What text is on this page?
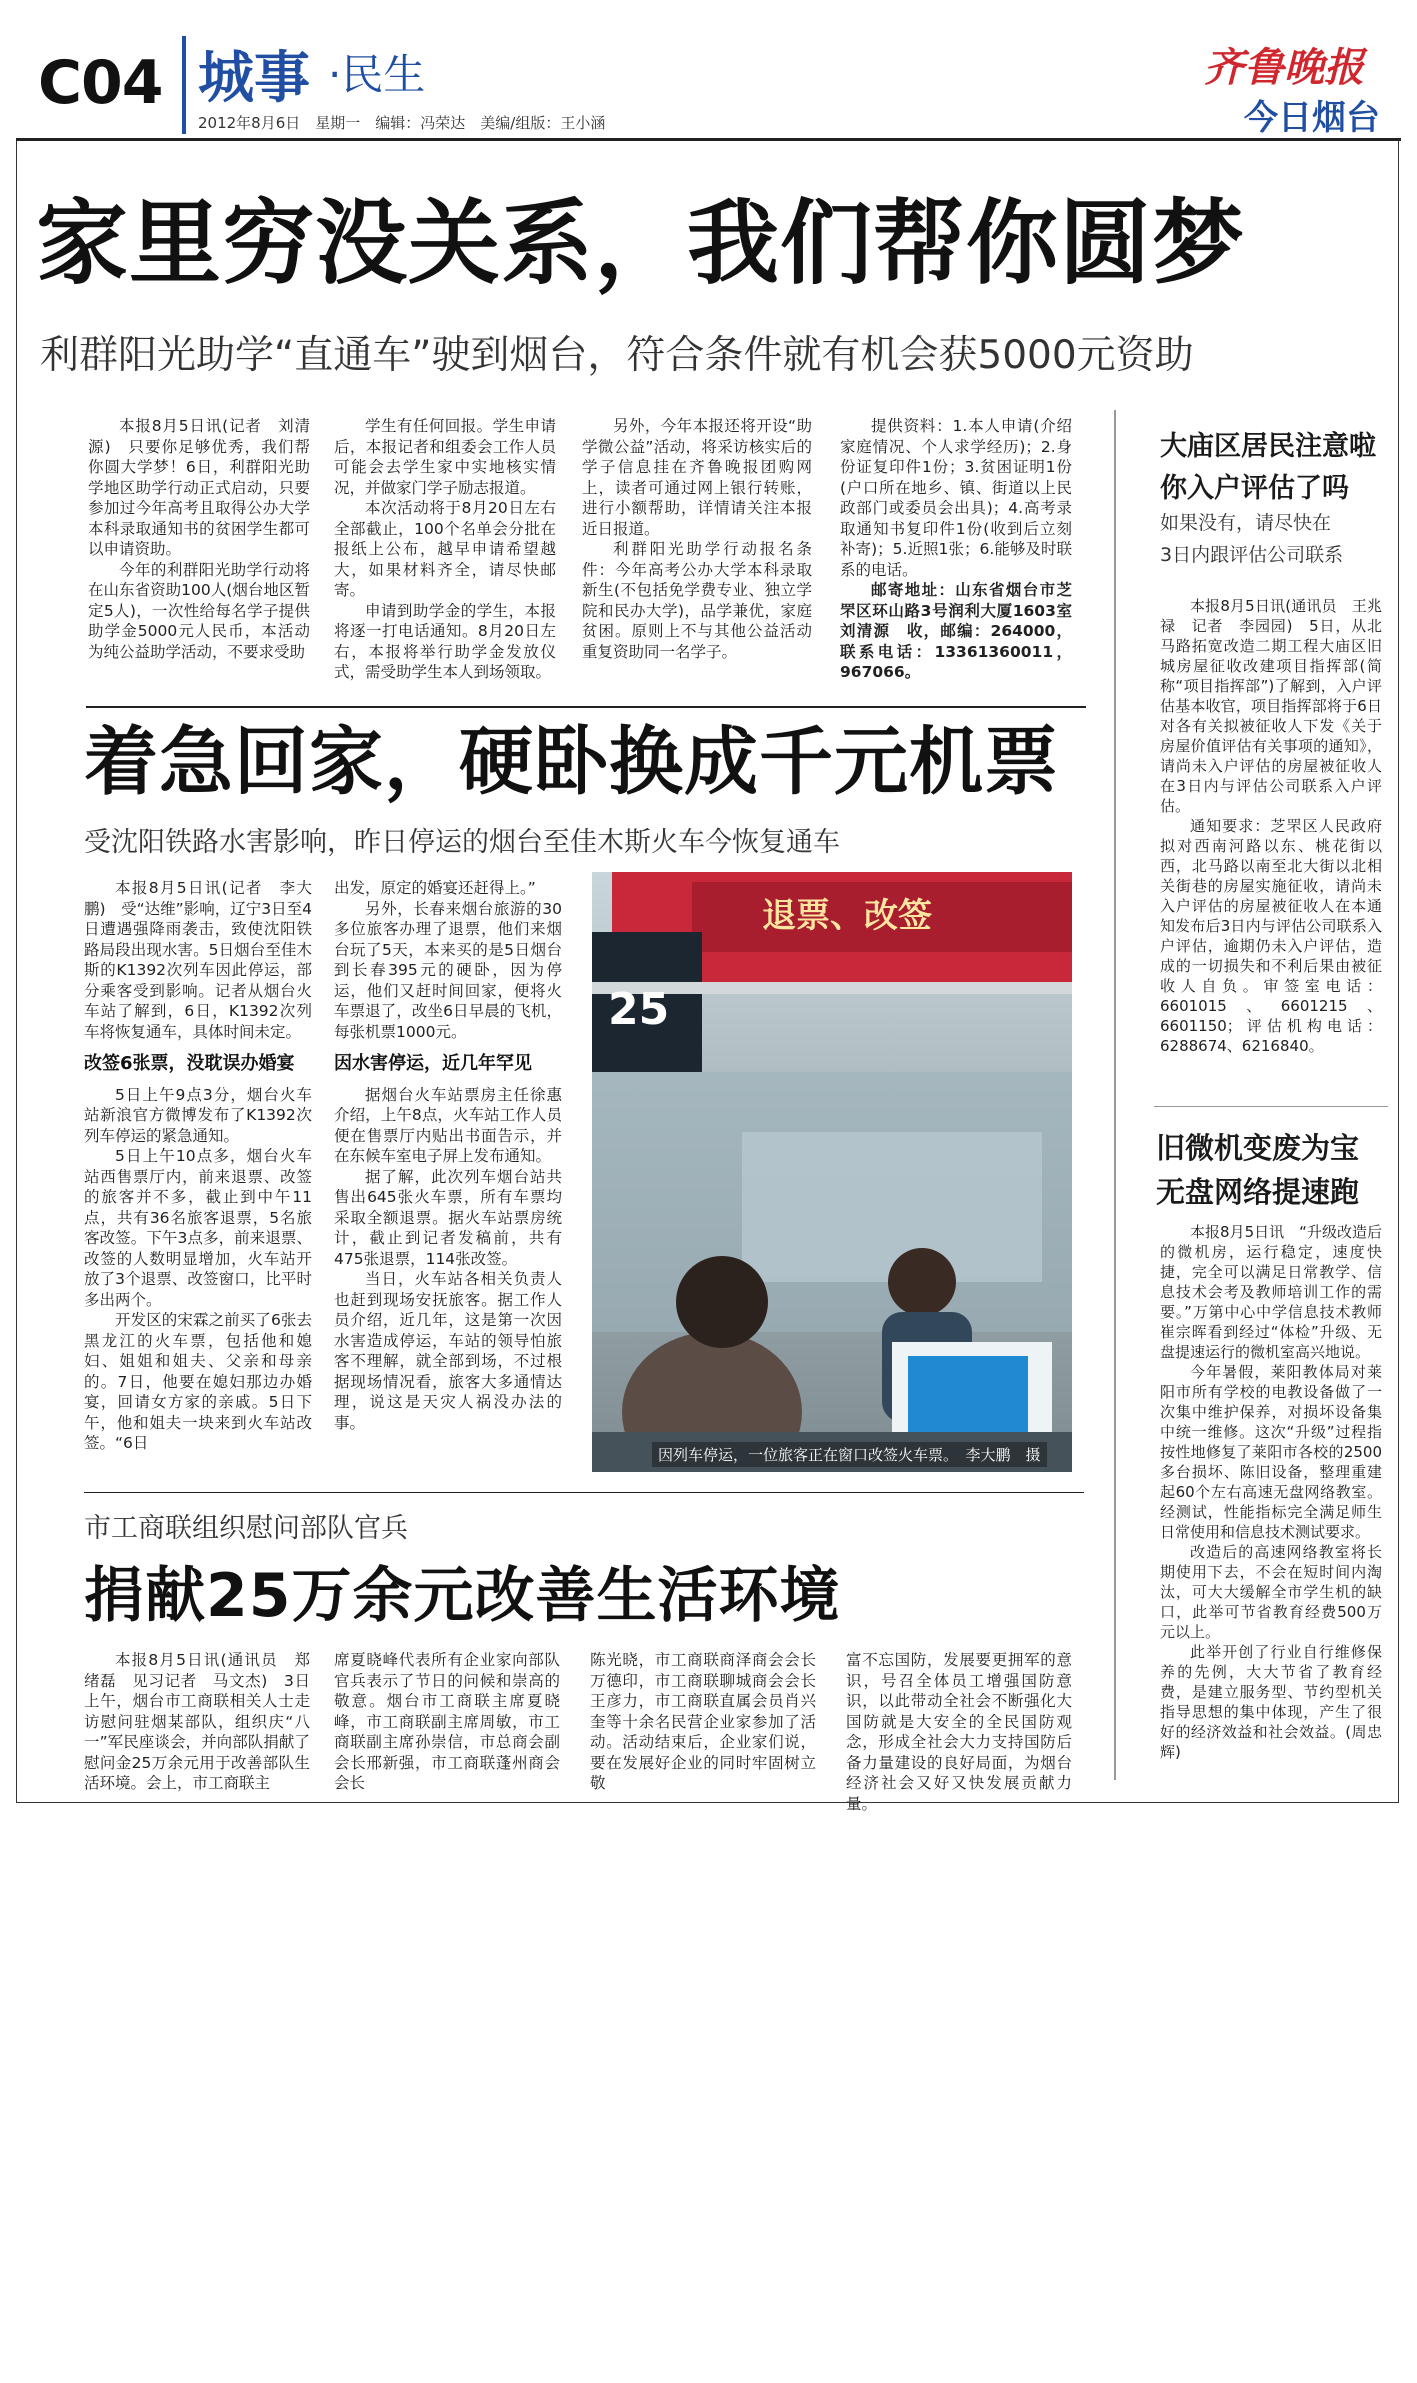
C04 城事 ·民生
2012年8月6日　星期一　编辑：冯荣达　美编/组版：王小涵
齐鲁晚报
今日烟台
家里穷没关系，我们帮你圆梦
利群阳光助学“直通车”驶到烟台，符合条件就有机会获5000元资助

本报8月5日讯(记者　刘清源)　只要你足够优秀，我们帮你圆大学梦！6日，利群阳光助学地区助学行动正式启动，只要参加过今年高考且取得公办大学本科录取通知书的贫困学生都可以申请资助。

今年的利群阳光助学行动将在山东省资助100人(烟台地区暂定5人)，一次性给每名学子提供助学金5000元人民币，本活动为纯公益助学活动，不要求受助

学生有任何回报。学生申请后，本报记者和组委会工作人员可能会去学生家中实地核实情况，并做家门学子励志报道。

本次活动将于8月20日左右全部截止，100个名单会分批在报纸上公布，越早申请希望越大，如果材料齐全，请尽快邮寄。

申请到助学金的学生，本报将逐一打电话通知。8月20日左右，本报将举行助学金发放仪式，需受助学生本人到场领取。

另外，今年本报还将开设“助学微公益”活动，将采访核实后的学子信息挂在齐鲁晚报团购网上，读者可通过网上银行转账，进行小额帮助，详情请关注本报近日报道。

利群阳光助学行动报名条件：今年高考公办大学本科录取新生(不包括免学费专业、独立学院和民办大学)，品学兼优，家庭贫困。原则上不与其他公益活动重复资助同一名学子。

提供资料：1.本人申请(介绍家庭情况、个人求学经历)；2.身份证复印件1份；3.贫困证明1份(户口所在地乡、镇、街道以上民政部门或委员会出具)；4.高考录取通知书复印件1份(收到后立刻补寄)；5.近照1张；6.能够及时联系的电话。

邮寄地址：山东省烟台市芝罘区环山路3号润利大厦1603室　刘清源　收，邮编：264000，联系电话：13361360011，967066。

大庙区居民注意啦
你入户评估了吗
如果没有，请尽快在
3日内跟评估公司联系

本报8月5日讯(通讯员　王兆禄　记者　李园园)　5日，从北马路拓宽改造二期工程大庙区旧城房屋征收改建项目指挥部(简称“项目指挥部”)了解到，入户评估基本收官，项目指挥部将于6日对各有关拟被征收人下发《关于房屋价值评估有关事项的通知》，请尚未入户评估的房屋被征收人在3日内与评估公司联系入户评估。

通知要求：芝罘区人民政府拟对西南河路以东、桃花街以西，北马路以南至北大街以北相关街巷的房屋实施征收，请尚未入户评估的房屋被征收人在本通知发布后3日内与评估公司联系入户评估，逾期仍未入户评估，造成的一切损失和不利后果由被征收人自负。审签室电话：6601015、6601215、6601150；评估机构电话：6288674、6216840。

旧微机变废为宝
无盘网络提速跑

本报8月5日讯　“升级改造后的微机房，运行稳定，速度快捷，完全可以满足日常教学、信息技术会考及教师培训工作的需要。”万第中心中学信息技术教师崔宗晖看到经过“体检”升级、无盘提速运行的微机室高兴地说。

今年暑假，莱阳教体局对莱阳市所有学校的电教设备做了一次集中维护保养，对损坏设备集中统一维修。这次“升级”过程指按性地修复了莱阳市各校的2500多台损坏、陈旧设备，整理重建起60个左右高速无盘网络教室。经测试，性能指标完全满足师生日常使用和信息技术测试要求。

改造后的高速网络教室将长期使用下去，不会在短时间内淘汰，可大大缓解全市学生机的缺口，此举可节省教育经费500万元以上。

此举开创了行业自行维修保养的先例，大大节省了教育经费，是建立服务型、节约型机关指导思想的集中体现，产生了很好的经济效益和社会效益。(周忠辉)

着急回家，硬卧换成千元机票
受沈阳铁路水害影响，昨日停运的烟台至佳木斯火车今恢复通车

本报8月5日讯(记者　李大鹏)　受“达维”影响，辽宁3日至4日遭遇强降雨袭击，致使沈阳铁路局段出现水害。5日烟台至佳木斯的K1392次列车因此停运，部分乘客受到影响。记者从烟台火车站了解到，6日，K1392次列车将恢复通车，具体时间未定。

改签6张票，没耽误办婚宴

5日上午9点3分，烟台火车站新浪官方微博发布了K1392次列车停运的紧急通知。

5日上午10点多，烟台火车站西售票厅内，前来退票、改签的旅客并不多，截止到中午11点，共有36名旅客退票，5名旅客改签。下午3点多，前来退票、改签的人数明显增加，火车站开放了3个退票、改签窗口，比平时多出两个。

开发区的宋霖之前买了6张去黑龙江的火车票，包括他和媳妇、姐姐和姐夫、父亲和母亲的。7日，他要在媳妇那边办婚宴，回请女方家的亲戚。5日下午，他和姐夫一块来到火车站改签。“6日

出发，原定的婚宴还赶得上。”

另外，长春来烟台旅游的30多位旅客办理了退票，他们来烟台玩了5天，本来买的是5日烟台到长春395元的硬卧，因为停运，他们又赶时间回家，便将火车票退了，改坐6日早晨的飞机，每张机票1000元。

因水害停运，近几年罕见

据烟台火车站票房主任徐惠介绍，上午8点，火车站工作人员便在售票厅内贴出书面告示，并在东候车室电子屏上发布通知。

据了解，此次列车烟台站共售出645张火车票，所有车票均采取全额退票。据火车站票房统计，截止到记者发稿前，共有475张退票，114张改签。

当日，火车站各相关负责人也赶到现场安抚旅客。据工作人员介绍，近几年，这是第一次因水害造成停运，车站的领导怕旅客不理解，就全部到场，不过根据现场情况看，旅客大多通情达理，说这是天灾人祸没办法的事。

退票、改签
25
因列车停运，一位旅客正在窗口改签火车票。　李大鹏　摄
市工商联组织慰问部队官兵
捐献25万余元改善生活环境

本报8月5日讯(通讯员　郑绪磊　见习记者　马文杰)　3日上午，烟台市工商联相关人士走访慰问驻烟某部队，组织庆“八一”军民座谈会，并向部队捐献了慰问金25万余元用于改善部队生活环境。会上，市工商联主

席夏晓峰代表所有企业家向部队官兵表示了节日的问候和崇高的敬意。烟台市工商联主席夏晓峰，市工商联副主席周敏，市工商联副主席孙崇信，市总商会副会长邢新强，市工商联蓬州商会会长

陈光晓，市工商联商泽商会会长万德印，市工商联聊城商会会长王彦力，市工商联直属会员肖兴奎等十余名民营企业家参加了活动。活动结束后，企业家们说，要在发展好企业的同时牢固树立敬

富不忘国防，发展要更拥军的意识，号召全体员工增强国防意识，以此带动全社会不断强化大国防就是大安全的全民国防观念，形成全社会大力支持国防后备力量建设的良好局面，为烟台经济社会又好又快发展贡献力量。
